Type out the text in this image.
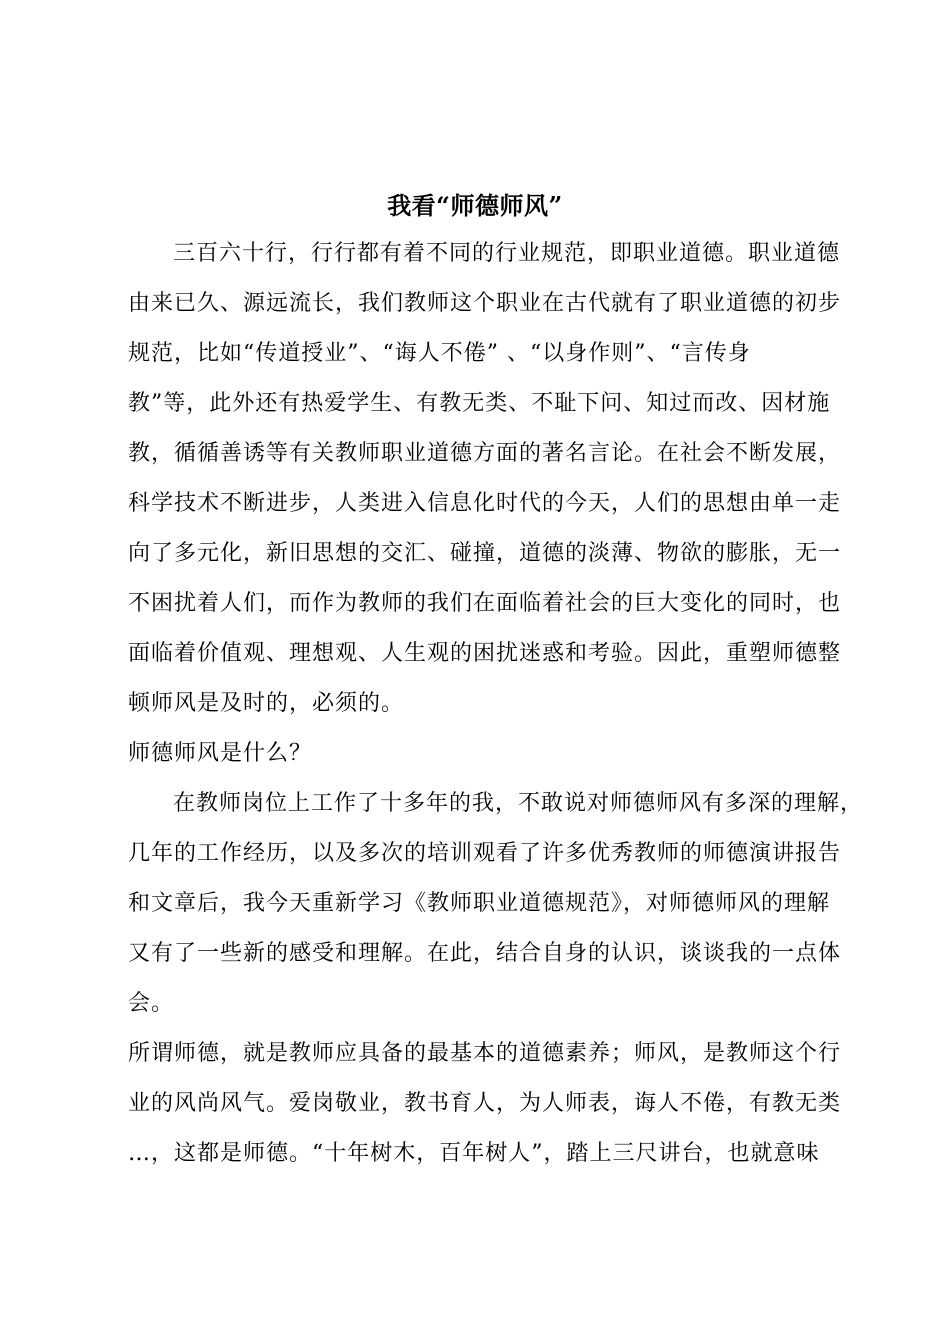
我看“师德师风”
三百六十行，行行都有着不同的行业规范，即职业道德。职业道德
由来已久、源远流长，我们教师这个职业在古代就有了职业道德的初步
规范，比如“传道授业”、“诲人不倦” 、“以身作则”、“言传身
教”等，此外还有热爱学生、有教无类、不耻下问、知过而改、因材施
教，循循善诱等有关教师职业道德方面的著名言论。在社会不断发展，
科学技术不断进步，人类进入信息化时代的今天，人们的思想由单一走
向了多元化，新旧思想的交汇、碰撞，道德的淡薄、物欲的膨胀，无一
不困扰着人们，而作为教师的我们在面临着社会的巨大变化的同时，也
面临着价值观、理想观、人生观的困扰迷惑和考验。因此，重塑师德整
顿师风是及时的，必须的。
师德师风是什么？
在教师岗位上工作了十多年的我，不敢说对师德师风有多深的理解，
几年的工作经历，以及多次的培训观看了许多优秀教师的师德演讲报告
和文章后，我今天重新学习《教师职业道德规范》，对师德师风的理解
又有了一些新的感受和理解。在此，结合自身的认识，谈谈我的一点体
会。
所谓师德，就是教师应具备的最基本的道德素养；师风，是教师这个行
业的风尚风气。爱岗敬业，教书育人，为人师表，诲人不倦，有教无类
…，这都是师德。“十年树木，百年树人”，踏上三尺讲台，也就意味
